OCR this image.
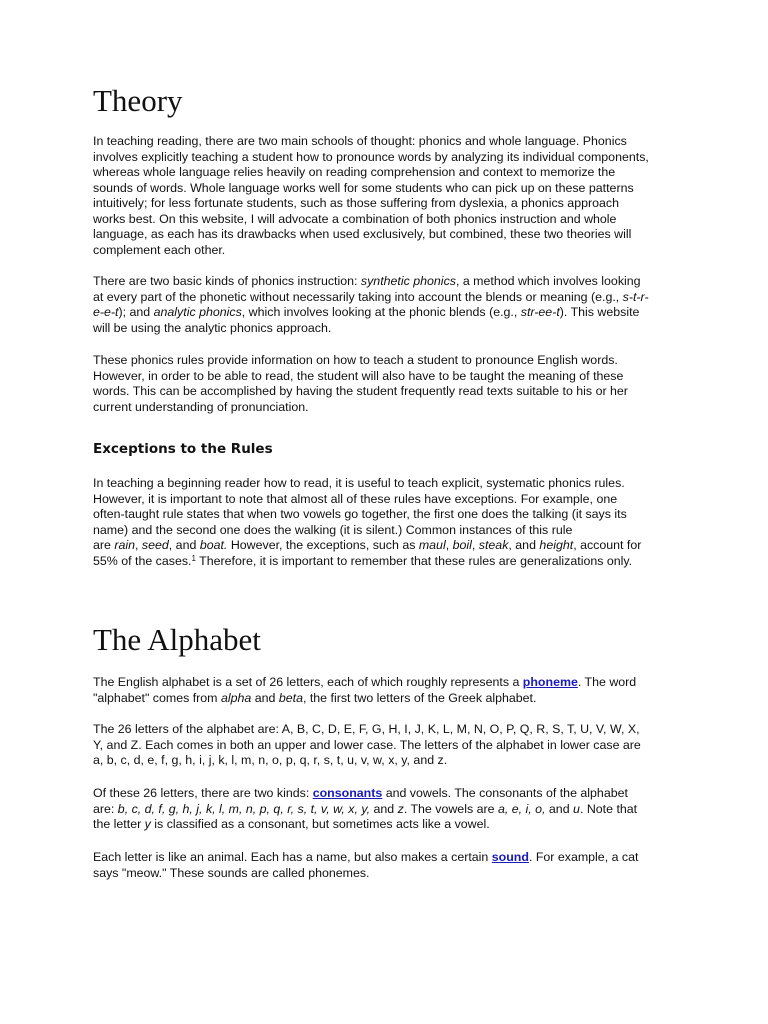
Theory

In teaching reading, there are two main schools of thought: phonics and whole language. Phonics
involves explicitly teaching a student how to pronounce words by analyzing its individual components,
whereas whole language relies heavily on reading comprehension and context to memorize the
sounds of words. Whole language works well for some students who can pick up on these patterns
intuitively; for less fortunate students, such as those suffering from dyslexia, a phonics approach
works best. On this website, I will advocate a combination of both phonics instruction and whole
language, as each has its drawbacks when used exclusively, but combined, these two theories will
complement each other.

There are two basic kinds of phonics instruction: synthetic phonics, a method which involves looking
at every part of the phonetic without necessarily taking into account the blends or meaning (e.g., s-t-r-
e-e-t); and analytic phonics, which involves looking at the phonic blends (e.g., str-ee-t). This website
will be using the analytic phonics approach.

These phonics rules provide information on how to teach a student to pronounce English words.
However, in order to be able to read, the student will also have to be taught the meaning of these
words. This can be accomplished by having the student frequently read texts suitable to his or her
current understanding of pronunciation.

Exceptions to the Rules

In teaching a beginning reader how to read, it is useful to teach explicit, systematic phonics rules.
However, it is important to note that almost all of these rules have exceptions. For example, one
often-taught rule states that when two vowels go together, the first one does the talking (it says its
name) and the second one does the walking (it is silent.) Common instances of this rule
are rain, seed, and boat. However, the exceptions, such as maul, boil, steak, and height, account for
55% of the cases.$^1$ Therefore, it is important to remember that these rules are generalizations only.

The Alphabet

The English alphabet is a set of 26 letters, each of which roughly represents a phoneme. The word
"alphabet" comes from alpha and beta, the first two letters of the Greek alphabet.

The 26 letters of the alphabet are: A, B, C, D, E, F, G, H, I, J, K, L, M, N, O, P, Q, R, S, T, U, V, W, X,
Y, and Z. Each comes in both an upper and lower case. The letters of the alphabet in lower case are
a, b, c, d, e, f, g, h, i, j, k, l, m, n, o, p, q, r, s, t, u, v, w, x, y, and z.

Of these 26 letters, there are two kinds: consonants and vowels. The consonants of the alphabet
are: b, c, d, f, g, h, j, k, l, m, n, p, q, r, s, t, v, w, x, y, and z. The vowels are a, e, i, o, and u. Note that
the letter y is classified as a consonant, but sometimes acts like a vowel.

Each letter is like an animal. Each has a name, but also makes a certain sound. For example, a cat
says "meow." These sounds are called phonemes.
